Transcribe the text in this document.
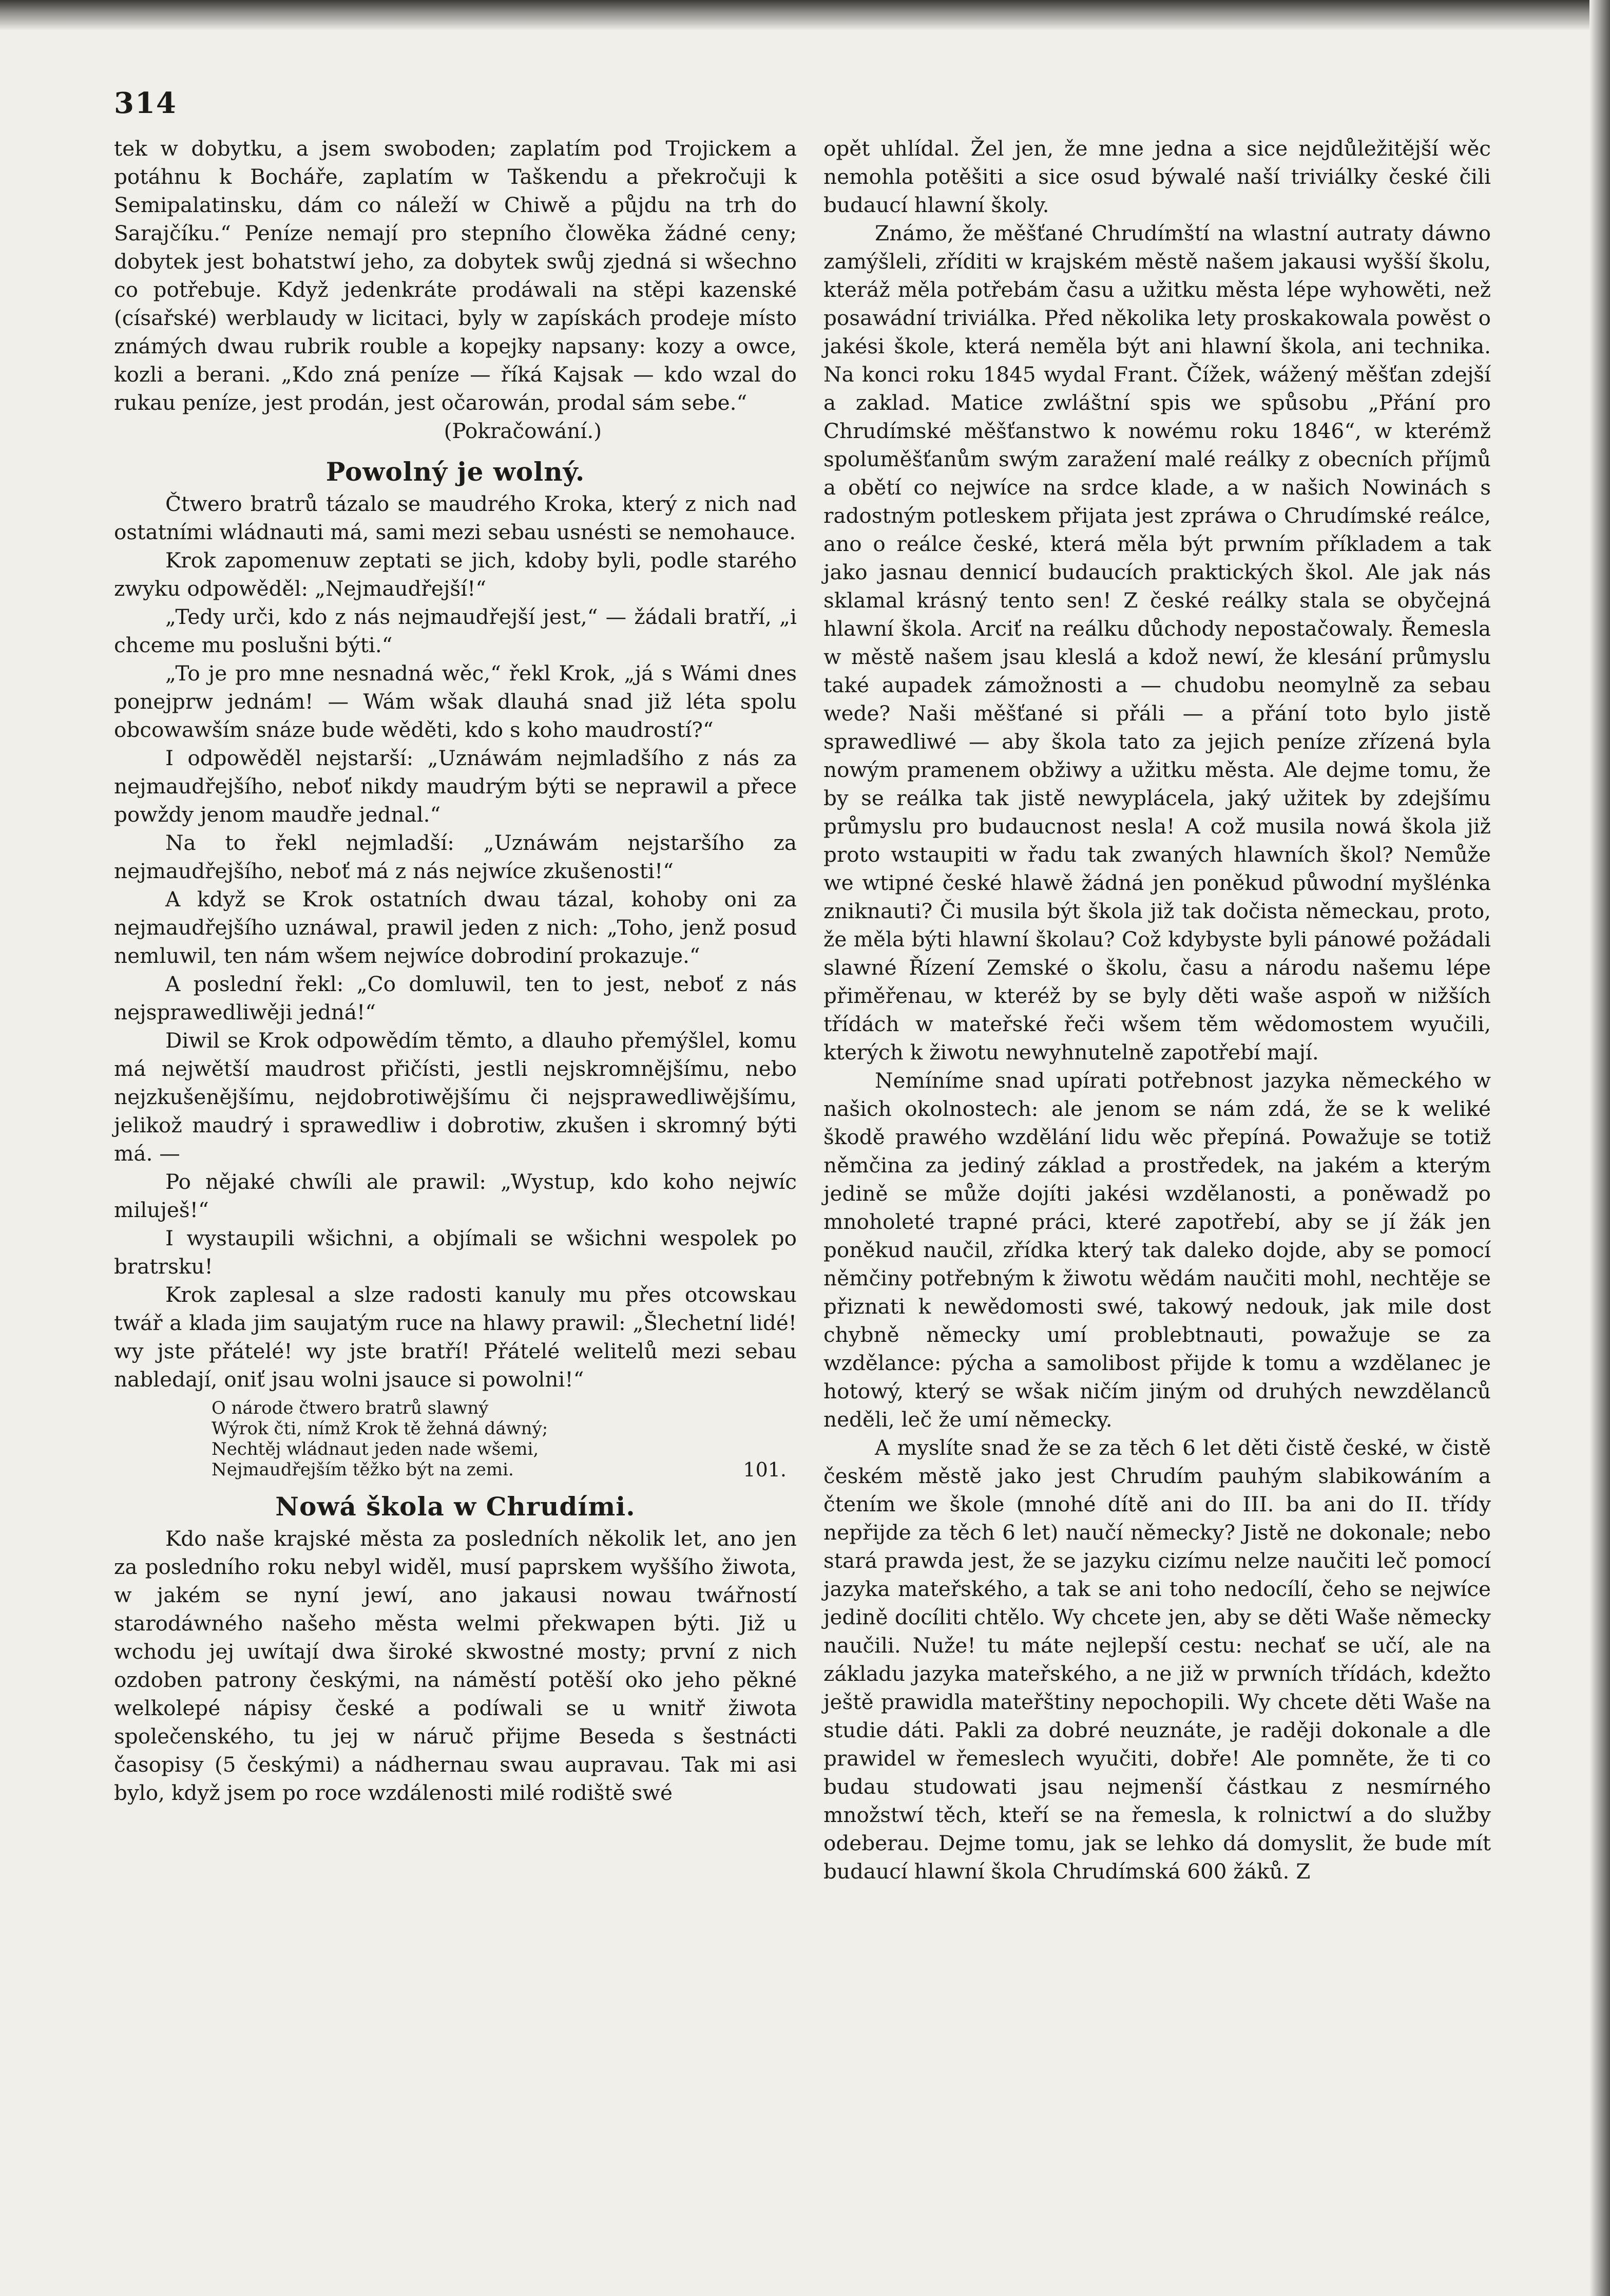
314

tek w dobytku, a jsem swoboden; zaplatím pod Trojickem a potáhnu k Bocháře, zaplatím w Taškendu a překročuji k Semipalatinsku, dám co náleží w Chiwě a půjdu na trh do Sarajčíku.“ Peníze nemají pro stepního člowěka žádné ceny; dobytek jest bohatstwí jeho, za dobytek swůj zjedná si wšechno co potřebuje. Když jedenkráte prodáwali na stěpi kazenské (císařské) werblaudy w licitaci, byly w zapískách prodeje místo známých dwau rubrik rouble a kopejky napsany: kozy a owce, kozli a berani. „Kdo zná peníze — říká Kajsak — kdo wzal do rukau peníze, jest prodán, jest očarowán, prodal sám sebe.“

(Pokračowání.)

Powolný je wolný.

Čtwero bratrů tázalo se maudrého Kroka, který z nich nad ostatními wládnauti má, sami mezi sebau usnésti se nemohauce.

Krok zapomenuw zeptati se jich, kdoby byli, podle starého zwyku odpowěděl: „Nejmaudřejší!“

„Tedy urči, kdo z nás nejmaudřejší jest,“ — žádali bratří, „i chceme mu poslušni býti.“

„To je pro mne nesnadná wěc,“ řekl Krok, „já s Wámi dnes ponejprw jednám! — Wám wšak dlauhá snad již léta spolu obcowawším snáze bude wěděti, kdo s koho maudrostí?“

I odpowěděl nejstarší: „Uznáwám nejmladšího z nás za nejmaudřejšího, neboť nikdy maudrým býti se neprawil a přece powždy jenom maudře jednal.“

Na to řekl nejmladší: „Uznáwám nejstaršího za nejmaudřejšího, neboť má z nás nejwíce zkušenosti!“

A když se Krok ostatních dwau tázal, kohoby oni za nejmaudřejšího uznáwal, prawil jeden z nich: „Toho, jenž posud nemluwil, ten nám wšem nejwíce dobrodiní prokazuje.“

A poslední řekl: „Co domluwil, ten to jest, neboť z nás nejsprawedliwěji jedná!“

Diwil se Krok odpowědím těmto, a dlauho přemýšlel, komu má nejwětší maudrost přičísti, jestli nejskromnějšímu, nebo nejzkušenějšímu, nejdobrotiwějšímu či nejsprawedliwějšímu, jelikož maudrý i sprawedliw i dobrotiw, zkušen i skromný býti má. —

Po nějaké chwíli ale prawil: „Wystup, kdo koho nejwíc miluješ!“

I wystaupili wšichni, a objímali se wšichni wespolek po bratrsku!

Krok zaplesal a slze radosti kanuly mu přes otcowskau twář a klada jim saujatým ruce na hlawy prawil: „Šlechetní lidé! wy jste přátelé! wy jste bratří! Přátelé welitelů mezi sebau nabledají, oniť jsau wolni jsauce si powolni!“

O národe čtwero bratrů slawný
Wýrok čti, nímž Krok tě žehná dáwný;
Nechtěj wládnaut jeden nade wšemi,
Nejmaudřejším těžko být na zemi.	101.
Nowá škola w Chrudími.

Kdo naše krajské města za posledních několik let, ano jen za posledního roku nebyl widěl, musí paprskem wyššího žiwota, w jakém se nyní jewí, ano jakausi nowau twářností starodáwného našeho města welmi překwapen býti. Již u wchodu jej uwítají dwa široké skwostné mosty; první z nich ozdoben patrony českými, na náměstí potěší oko jeho pěkné welkolepé nápisy české a podíwali se u wnitř žiwota společenského, tu jej w náruč přijme Beseda s šestnácti časopisy (5 českými) a nádhernau swau aupravau. Tak mi asi bylo, když jsem po roce wzdálenosti milé rodiště swé

opět uhlídal. Žel jen, že mne jedna a sice nejdůležitější wěc nemohla potěšiti a sice osud býwalé naší triviálky české čili budaucí hlawní školy.

Známo, že měšťané Chrudímští na wlastní autraty dáwno zamýšleli, zříditi w krajském městě našem jakausi wyšší školu, kteráž měla potřebám času a užitku města lépe wyhowěti, než posawádní triviálka. Před několika lety proskakowala powěst o jakési škole, která neměla být ani hlawní škola, ani technika. Na konci roku 1845 wydal Frant. Čížek, wážený měšťan zdejší a zaklad. Matice zwláštní spis we spůsobu „Přání pro Chrudímské měšťanstwo k nowému roku 1846“, w kterémž spoluměšťanům swým zaražení malé reálky z obecních příjmů a obětí co nejwíce na srdce klade, a w našich Nowinách s radostným potleskem přijata jest zpráwa o Chrudímské reálce, ano o reálce české, která měla být prwním příkladem a tak jako jasnau dennicí budaucích praktických škol. Ale jak nás sklamal krásný tento sen! Z české reálky stala se obyčejná hlawní škola. Arciť na reálku důchody nepostačowaly. Řemesla w městě našem jsau kleslá a kdož newí, že klesání průmyslu také aupadek zámožnosti a — chudobu neomylně za sebau wede? Naši měšťané si přáli — a přání toto bylo jistě sprawedliwé — aby škola tato za jejich peníze zřízená byla nowým pramenem obžiwy a užitku města. Ale dejme tomu, že by se reálka tak jistě newyplácela, jaký užitek by zdejšímu průmyslu pro budaucnost nesla! A což musila nowá škola již proto wstaupiti w řadu tak zwaných hlawních škol? Nemůže we wtipné české hlawě žádná jen poněkud půwodní myšlénka zniknauti? Či musila být škola již tak dočista německau, proto, že měla býti hlawní školau? Což kdybyste byli pánowé požádali slawné Řízení Zemské o školu, času a národu našemu lépe přiměřenau, w kteréž by se byly děti waše aspoň w nižších třídách w mateřské řeči wšem těm wědomostem wyučili, kterých k žiwotu newyhnutelně zapotřebí mají.

Nemíníme snad upírati potřebnost jazyka německého w našich okolnostech: ale jenom se nám zdá, že se k weliké škodě prawého wzdělání lidu wěc přepíná. Powažuje se totiž němčina za jediný základ a prostředek, na jakém a kterým jedině se může dojíti jakési wzdělanosti, a poněwadž po mnoholeté trapné práci, které zapotřebí, aby se jí žák jen poněkud naučil, zřídka který tak daleko dojde, aby se pomocí němčiny potřebným k žiwotu wědám naučiti mohl, nechtěje se přiznati k newědomosti swé, takowý nedouk, jak mile dost chybně německy umí problebtnauti, powažuje se za wzdělance: pýcha a samolibost přijde k tomu a wzdělanec je hotowý, který se wšak ničím jiným od druhých newzdělanců neděli, leč že umí německy.

A myslíte snad že se za těch 6 let děti čistě české, w čistě českém městě jako jest Chrudím pauhým slabikowáním a čtením we škole (mnohé dítě ani do III. ba ani do II. třídy nepřijde za těch 6 let) naučí německy? Jistě ne dokonale; nebo stará prawda jest, že se jazyku cizímu nelze naučiti leč pomocí jazyka mateřského, a tak se ani toho nedocílí, čeho se nejwíce jedině docíliti chtělo. Wy chcete jen, aby se děti Waše německy naučili. Nuže! tu máte nejlepší cestu: nechať se učí, ale na základu jazyka mateřského, a ne již w prwních třídách, kdežto ještě prawidla mateřštiny nepochopili. Wy chcete děti Waše na studie dáti. Pakli za dobré neuznáte, je raději dokonale a dle prawidel w řemeslech wyučiti, dobře! Ale pomněte, že ti co budau studowati jsau nejmenší částkau z nesmírného množstwí těch, kteří se na řemesla, k rolnictwí a do služby odeberau. Dejme tomu, jak se lehko dá domyslit, že bude mít budaucí hlawní škola Chrudímská 600 žáků. Z
